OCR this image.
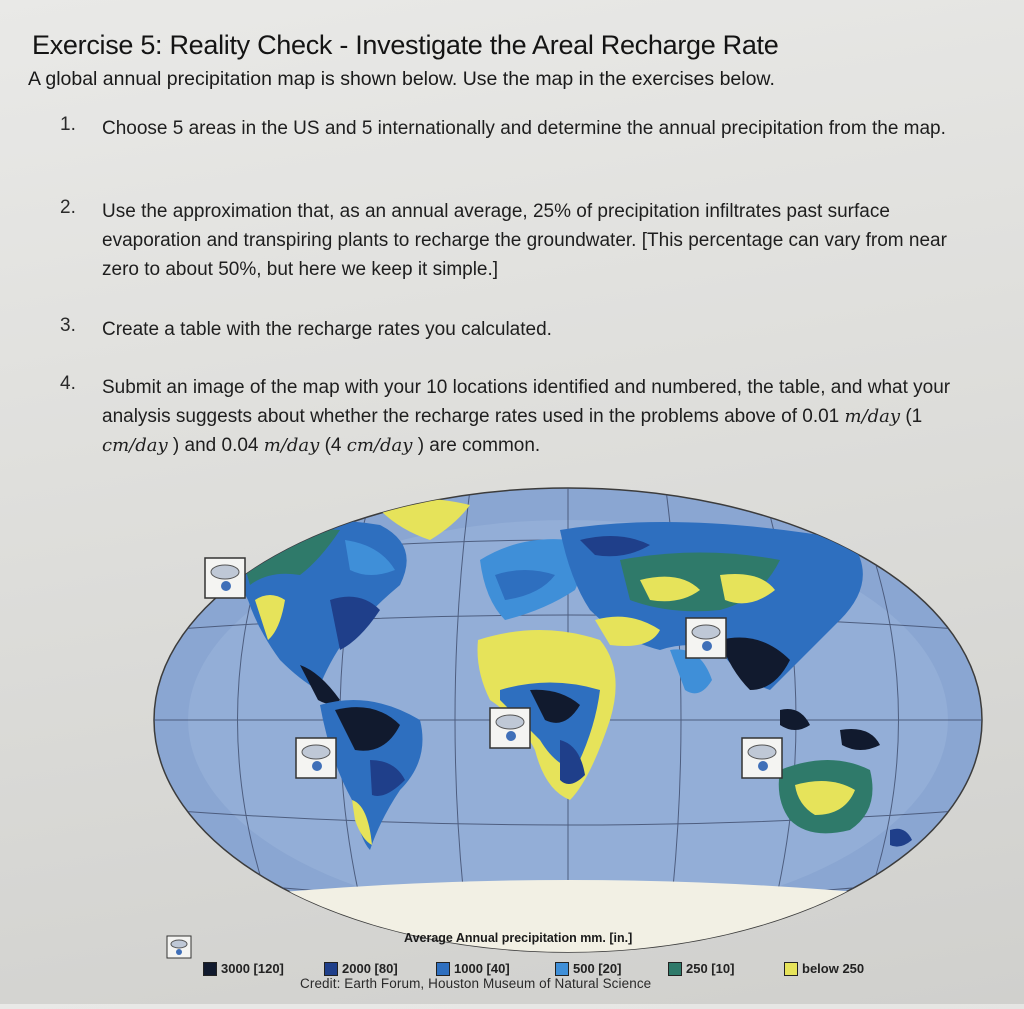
Exercise 5: Reality Check - Investigate the Areal Recharge Rate
A global annual precipitation map is shown below. Use the map in the exercises below.
1. Choose 5 areas in the US and 5 internationally and determine the annual precipitation from the map.
2. Use the approximation that, as an annual average, 25% of precipitation infiltrates past surface evaporation and transpiring plants to recharge the groundwater. [This percentage can vary from near zero to about 50%, but here we keep it simple.]
3. Create a table with the recharge rates you calculated.
4. Submit an image of the map with your 10 locations identified and numbered, the table, and what your analysis suggests about whether the recharge rates used in the problems above of 0.01 m/day (1 cm/day ) and 0.04 m/day (4 cm/day ) are common.
Average Annual precipitation mm. [in.]
3000 [120]	2000 [80]	1000 [40]	500 [20]	250 [10]	below 250
Credit: Earth Forum, Houston Museum of Natural Science
